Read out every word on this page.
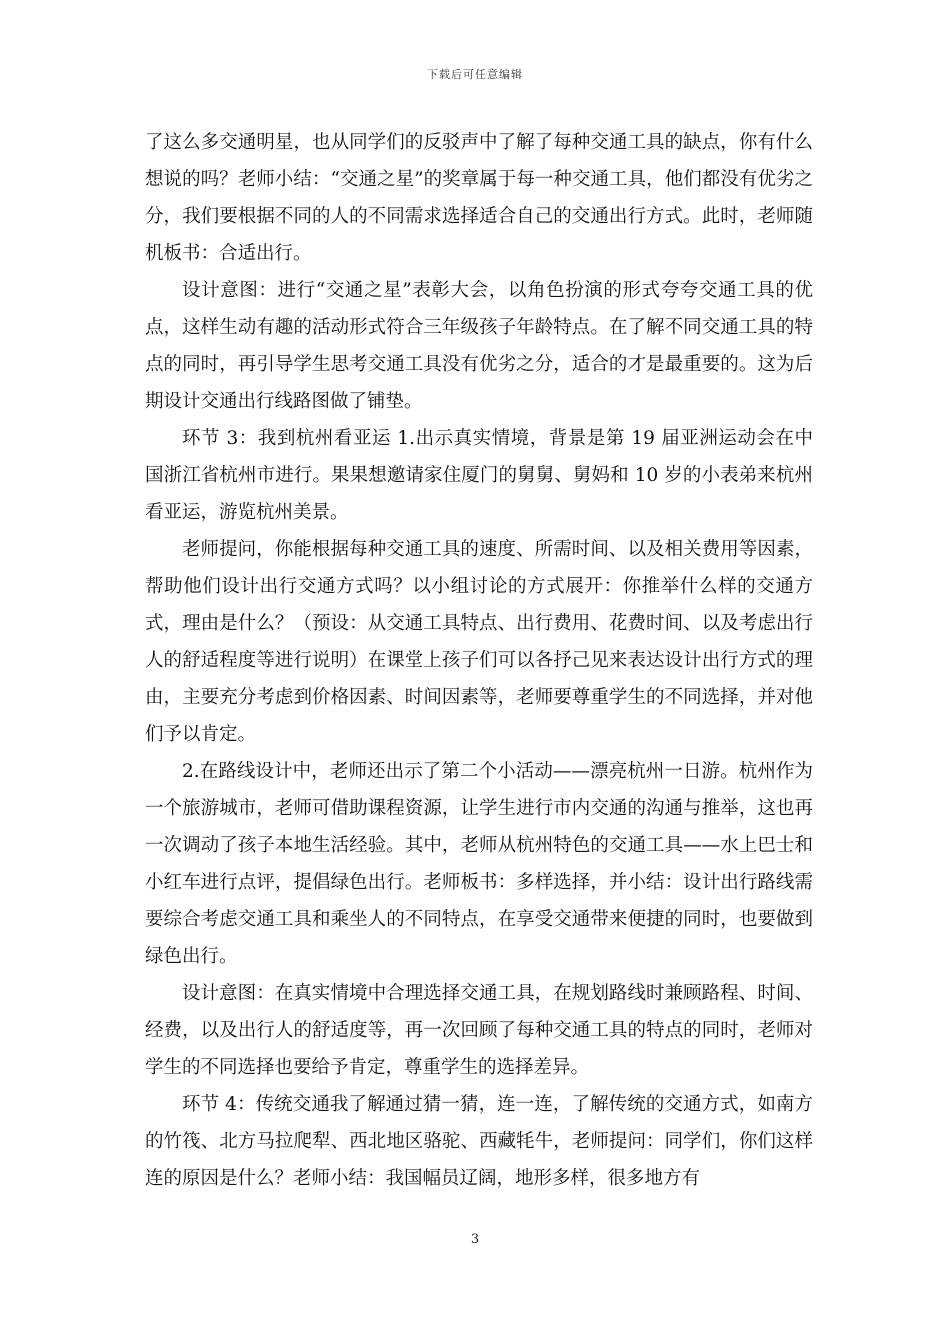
下载后可任意编辑

了这么多交通明星，也从同学们的反驳声中了解了每种交通工具的缺点，你有什么想说的吗？老师小结：“交通之星”的奖章属于每一种交通工具，他们都没有优劣之分，我们要根据不同的人的不同需求选择适合自己的交通出行方式。此时，老师随机板书：合适出行。

设计意图：进行“交通之星”表彰大会，以角色扮演的形式夸夸交通工具的优点，这样生动有趣的活动形式符合三年级孩子年龄特点。在了解不同交通工具的特点的同时，再引导学生思考交通工具没有优劣之分，适合的才是最重要的。这为后期设计交通出行线路图做了铺垫。

环节 3：我到杭州看亚运 1.出示真实情境，背景是第 19 届亚洲运动会在中国浙江省杭州市进行。果果想邀请家住厦门的舅舅、舅妈和 10 岁的小表弟来杭州看亚运，游览杭州美景。

老师提问，你能根据每种交通工具的速度、所需时间、以及相关费用等因素，帮助他们设计出行交通方式吗？以小组讨论的方式展开：你推举什么样的交通方式，理由是什么？（预设：从交通工具特点、出行费用、花费时间、以及考虑出行人的舒适程度等进行说明）在课堂上孩子们可以各抒己见来表达设计出行方式的理由，主要充分考虑到价格因素、时间因素等，老师要尊重学生的不同选择，并对他们予以肯定。

2.在路线设计中，老师还出示了第二个小活动——漂亮杭州一日游。杭州作为一个旅游城市，老师可借助课程资源，让学生进行市内交通的沟通与推举，这也再一次调动了孩子本地生活经验。其中，老师从杭州特色的交通工具——水上巴士和小红车进行点评，提倡绿色出行。老师板书：多样选择，并小结：设计出行路线需要综合考虑交通工具和乘坐人的不同特点，在享受交通带来便捷的同时，也要做到绿色出行。

设计意图：在真实情境中合理选择交通工具，在规划路线时兼顾路程、时间、经费，以及出行人的舒适度等，再一次回顾了每种交通工具的特点的同时，老师对学生的不同选择也要给予肯定，尊重学生的选择差异。

环节 4：传统交通我了解通过猜一猜，连一连，了解传统的交通方式，如南方的竹筏、北方马拉爬犁、西北地区骆驼、西藏牦牛，老师提问：同学们，你们这样连的原因是什么？老师小结：我国幅员辽阔，地形多样，很多地方有

3
